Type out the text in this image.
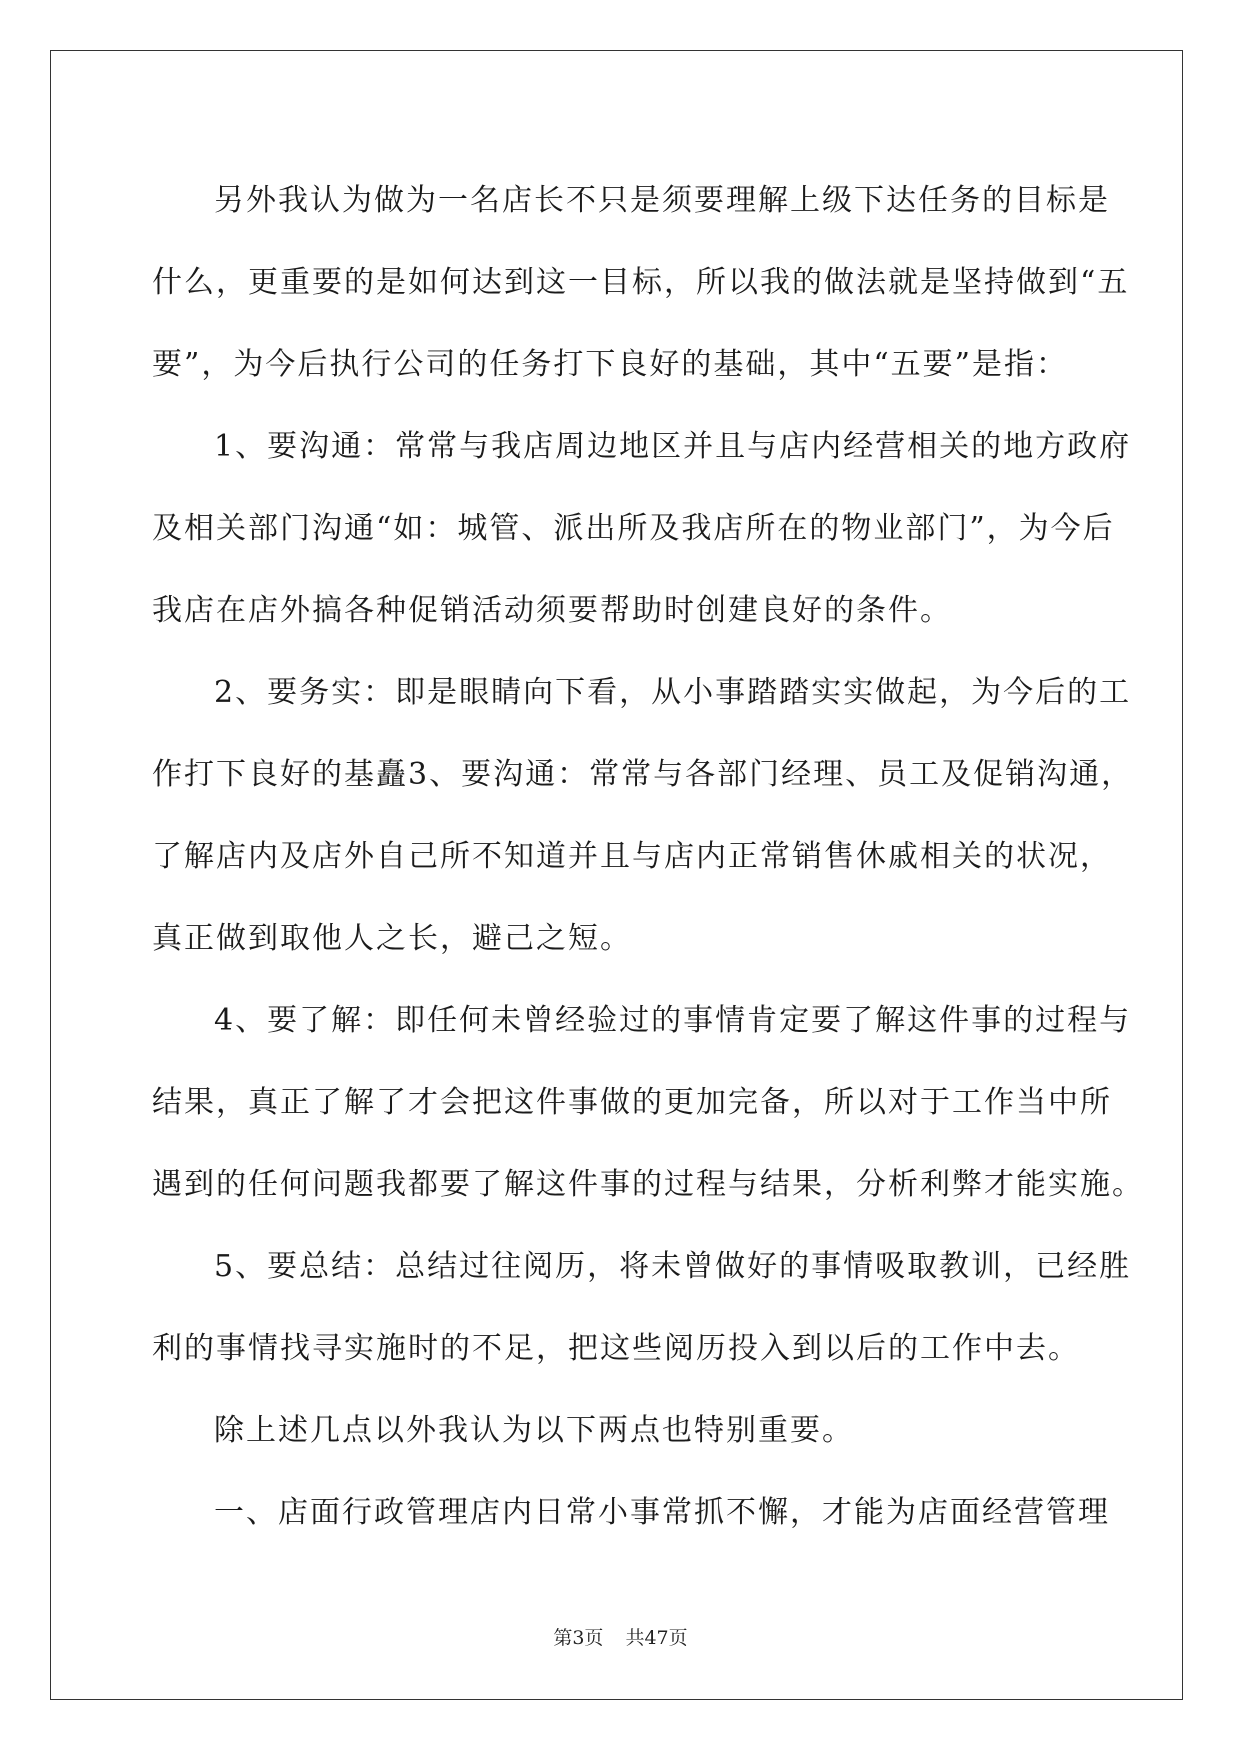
另外我认为做为一名店长不只是须要理解上级下达任务的目标是
什么，更重要的是如何达到这一目标，所以我的做法就是坚持做到“五
要”，为今后执行公司的任务打下良好的基础，其中“五要”是指：
1、要沟通：常常与我店周边地区并且与店内经营相关的地方政府
及相关部门沟通“如：城管、派出所及我店所在的物业部门”，为今后
我店在店外搞各种促销活动须要帮助时创建良好的条件。
2、要务实：即是眼睛向下看，从小事踏踏实实做起，为今后的工
作打下良好的基矗3、要沟通：常常与各部门经理、员工及促销沟通，
了解店内及店外自己所不知道并且与店内正常销售休戚相关的状况，
真正做到取他人之长，避己之短。
4、要了解：即任何未曾经验过的事情肯定要了解这件事的过程与
结果，真正了解了才会把这件事做的更加完备，所以对于工作当中所
遇到的任何问题我都要了解这件事的过程与结果，分析利弊才能实施。
5、要总结：总结过往阅历，将未曾做好的事情吸取教训，已经胜
利的事情找寻实施时的不足，把这些阅历投入到以后的工作中去。
除上述几点以外我认为以下两点也特别重要。
一、店面行政管理店内日常小事常抓不懈，才能为店面经营管理
第3页 共47页
